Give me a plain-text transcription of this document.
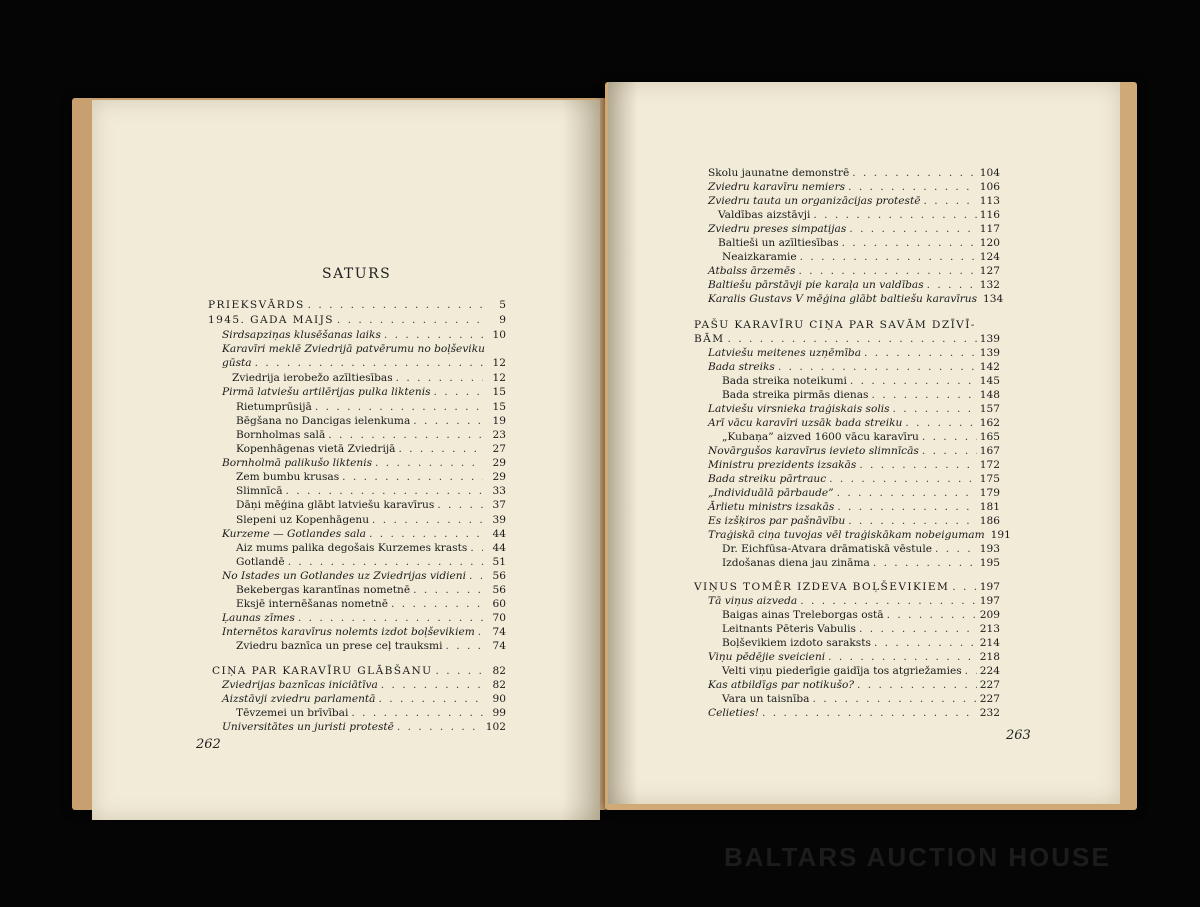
SATURS
PRIEKSVĀRDS . . .	5
1945. GADA MAIJS . . .	9
Sirdsapziņas klusēšanas laiks . . .	10
Karavīri meklē Zviedrijā patvērumu no boļševiku
gūsta . . .	12
Zviedrija ierobežo azīltiesības . . .	12
Pirmā latviešu artilērijas pulka liktenis . . .	15
Rietumprūsijā . . .	15
Bēgšana no Dancigas ielenkuma . . .	19
Bornholmas salā . . .	23
Kopenhāgenas vietā Zviedrijā . . .	27
Bornholmā palikušo liktenis . . .	29
Zem bumbu krusas . . .	29
Slimnīcā . . .	33
Dāņi mēģina glābt latviešu karavīrus . . .	37
Slepeni uz Kopenhāgenu . . .	39
Kurzeme — Gotlandes sala . . .	44
Aiz mums palika degošais Kurzemes krasts . . .	44
Gotlandē . . .	51
No Istades un Gotlandes uz Zviedrijas vidieni . . .	56
Bekebergas karantīnas nometnē . . .	56
Eksjē internēšanas nometnē . . .	60
Ļaunas zīmes . . .	70
Internētos karavīrus nolemts izdot boļševikiem . . .	74
Zviedru baznīca un prese ceļ trauksmi . . .	74
CIŅA PAR KARAVĪRU GLĀBŠANU . . .	82
Zviedrijas baznīcas iniciātīva . . .	82
Aizstāvji zviedru parlamentā . . .	90
Tēvzemei un brīvībai . . .	99
Universitātes un juristi protestē . . .	102
262
Skolu jaunatne demonstrē . . .	104
Zviedru karavīru nemiers . . .	106
Zviedru tauta un organizācijas protestē . . .	113
Valdības aizstāvji . . .	116
Zviedru preses simpatijas . . .	117
Baltieši un azīltiesības . . .	120
Neaizkaramie . . .	124
Atbalss ārzemēs . . .	127
Baltiešu pārstāvji pie karaļa un valdības . . .	132
Karalis Gustavs V mēģina glābt baltiešu karavīrus 134
PAŠU KARAVĪRU CIŅA PAR SAVĀM DZĪVĪ-
BĀM . . .	139
Latviešu meitenes uzņēmība . . .	139
Bada streiks . . .	142
Bada streika noteikumi . . .	145
Bada streika pirmās dienas . . .	148
Latviešu virsnieka traģiskais solis . . .	157
Arī vācu karavīri uzsāk bada streiku . . .	162
„Kubaņa” aizved 1600 vācu karavīru . . .	165
Novārgušos karavīrus ievieto slimnīcās . . .	167
Ministru prezidents izsakās . . .	172
Bada streiku pārtrauc . . .	175
„Individuālā pārbaude” . . .	179
Ārlietu ministrs izsakās . . .	181
Es izšķiros par pašnāvību . . .	186
Traģiskā ciņa tuvojas vēl traģiskākam nobeigumam 191
Dr. Eichfūsa-Atvara drāmatiskā vēstule . . .	193
Izdošanas diena jau zināma . . .	195
VIŅUS TOMĒR IZDEVA BOĻŠEVIKIEM . . .	197
Tā viņus aizveda . . .	197
Baigas ainas Treleborgas ostā . . .	209
Leitnants Pēteris Vabulis . . .	213
Boļševikiem izdoto saraksts . . .	214
Viņu pēdējie sveicieni . . .	218
Velti viņu piederīgie gaidīja tos atgriežamies . . . 224
Kas atbildīgs par notikušo? . . .	227
Vara un taisnība . . .	227
Celieties! . . .	232
263
BALTARS AUCTION HOUSE
